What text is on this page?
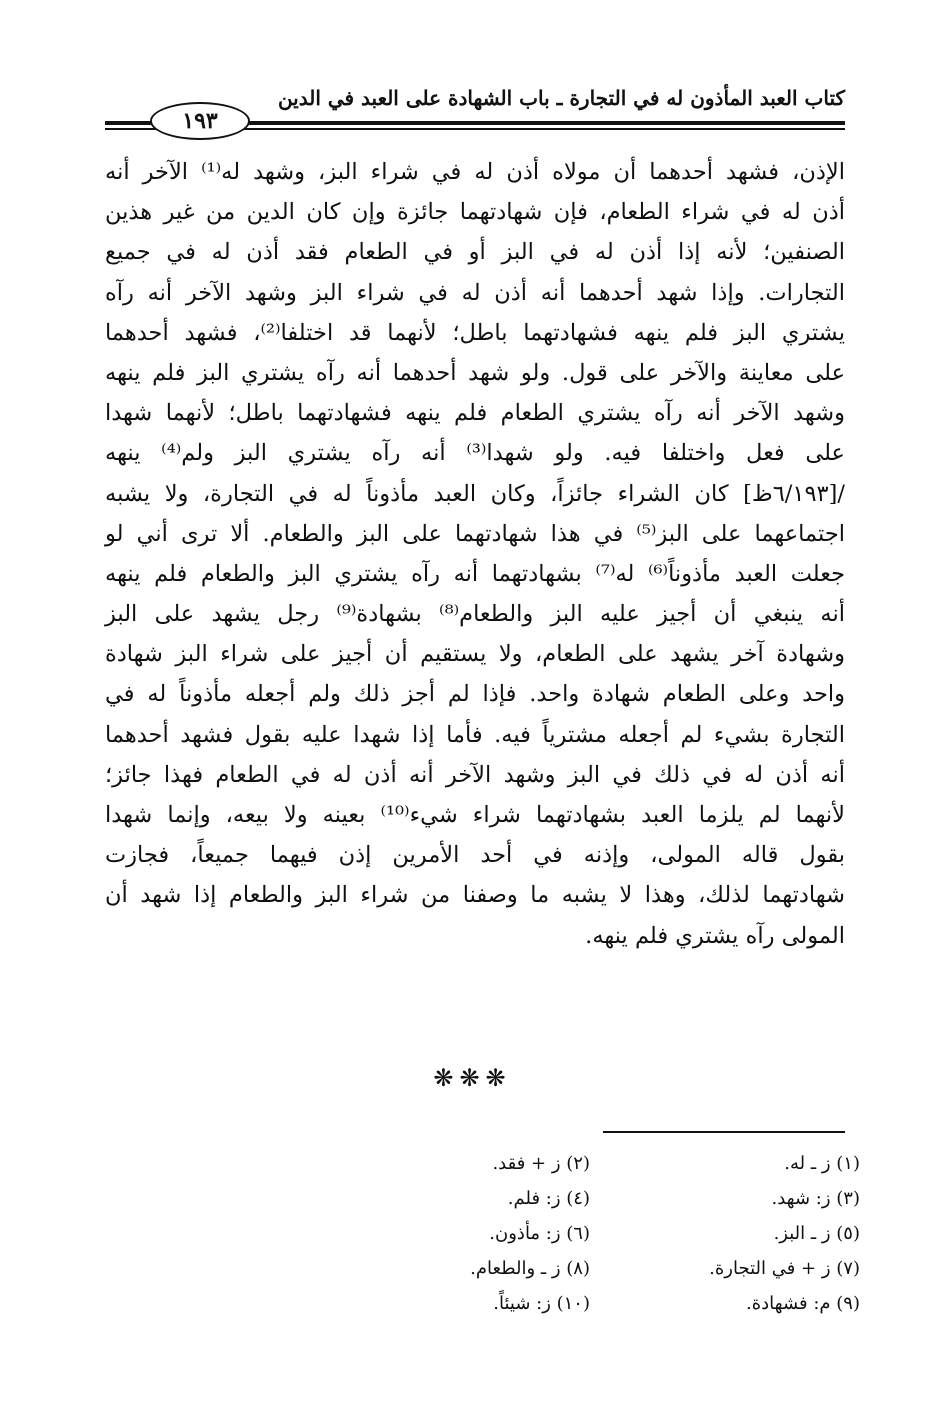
كتاب العبد المأذون له في التجارة ـ باب الشهادة على العبد في الدين
١٩٣
الإذن، فشهد أحدهما أن مولاه أذن له في شراء البز، وشهد له⁽¹⁾ الآخر أنه
أذن له في شراء الطعام، فإن شهادتهما جائزة وإن كان الدين من غير هذين
الصنفين؛ لأنه إذا أذن له في البز أو في الطعام فقد أذن له في جميع
التجارات. وإذا شهد أحدهما أنه أذن له في شراء البز وشهد الآخر أنه رآه
يشتري البز فلم ينهه فشهادتهما باطل؛ لأنهما قد اختلفا⁽²⁾، فشهد أحدهما
على معاينة والآخر على قول. ولو شهد أحدهما أنه رآه يشتري البز فلم ينهه
وشهد الآخر أنه رآه يشتري الطعام فلم ينهه فشهادتهما باطل؛ لأنهما شهدا
على فعل واختلفا فيه. ولو شهدا⁽³⁾ أنه رآه يشتري البز ولم⁽⁴⁾ ينهه
/[٦/١٩٣ظ] كان الشراء جائزاً، وكان العبد مأذوناً له في التجارة، ولا يشبه
اجتماعهما على البز⁽⁵⁾ في هذا شهادتهما على البز والطعام. ألا ترى أني لو
جعلت العبد مأذوناً⁽⁶⁾ له⁽⁷⁾ بشهادتهما أنه رآه يشتري البز والطعام فلم ينهه
أنه ينبغي أن أجيز عليه البز والطعام⁽⁸⁾ بشهادة⁽⁹⁾ رجل يشهد على البز
وشهادة آخر يشهد على الطعام، ولا يستقيم أن أجيز على شراء البز شهادة
واحد وعلى الطعام شهادة واحد. فإذا لم أجز ذلك ولم أجعله مأذوناً له في
التجارة بشيء لم أجعله مشترياً فيه. فأما إذا شهدا عليه بقول فشهد أحدهما
أنه أذن له في ذلك في البز وشهد الآخر أنه أذن له في الطعام فهذا جائز؛
لأنهما لم يلزما العبد بشهادتهما شراء شيء⁽¹⁰⁾ بعينه ولا بيعه، وإنما شهدا
بقول قاله المولى، وإذنه في أحد الأمرين إذن فيهما جميعاً، فجازت
شهادتهما لذلك، وهذا لا يشبه ما وصفنا من شراء البز والطعام إذا شهد أن
المولى رآه يشتري فلم ينهه.
❋❋❋
(١) ز ـ له.
(٢) ز + فقد.
(٣) ز: شهد.
(٤) ز: فلم.
(٥) ز ـ البز.
(٦) ز: مأذون.
(٧) ز + في التجارة.
(٨) ز ـ والطعام.
(٩) م: فشهادة.
(١٠) ز: شيئاً.
